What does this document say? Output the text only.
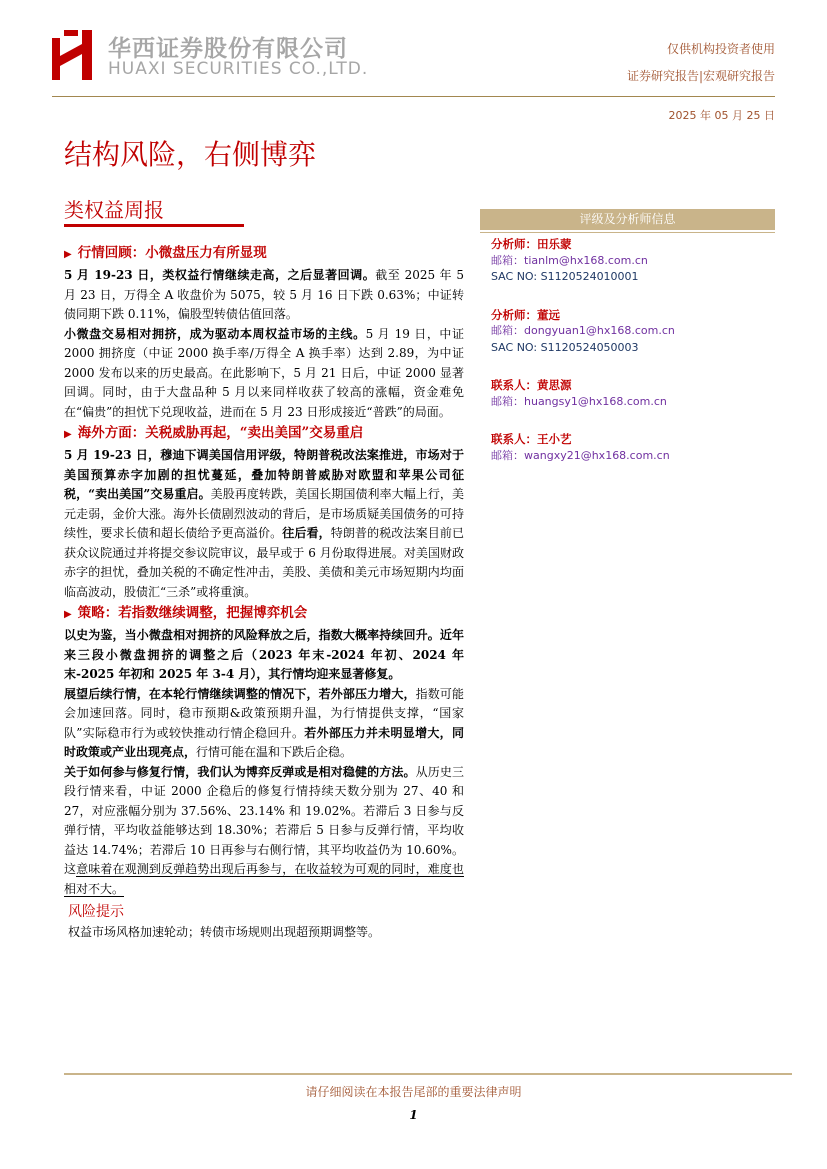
华西证券股份有限公司
HUAXI SECURITIES CO.,LTD.
仅供机构投资者使用
证券研究报告|宏观研究报告
2025 年 05 月 25 日
结构风险，右侧博弈
类权益周报
▶ 行情回顾：小微盘压力有所显现

5 月 19-23 日，类权益行情继续走高，之后显著回调。截至 2025 年 5 月 23 日，万得全 A 收盘价为 5075，较 5 月 16 日下跌 0.63%；中证转债同期下跌 0.11%，偏股型转债估值回落。

小微盘交易相对拥挤，成为驱动本周权益市场的主线。5 月 19 日，中证 2000 拥挤度（中证 2000 换手率/万得全 A 换手率）达到 2.89，为中证 2000 发布以来的历史最高。在此影响下，5 月 21 日后，中证 2000 显著回调。同时，由于大盘品种 5 月以来同样收获了较高的涨幅，资金难免在“偏贵”的担忧下兑现收益，进而在 5 月 23 日形成接近“普跌”的局面。

▶ 海外方面：关税威胁再起，“卖出美国”交易重启

5 月 19-23 日，穆迪下调美国信用评级，特朗普税改法案推进，市场对于美国预算赤字加剧的担忧蔓延，叠加特朗普威胁对欧盟和苹果公司征税，“卖出美国”交易重启。美股再度转跌，美国长期国债利率大幅上行，美元走弱，金价大涨。海外长债剧烈波动的背后，是市场质疑美国债务的可持续性，要求长债和超长债给予更高溢价。往后看，特朗普的税改法案目前已获众议院通过并将提交参议院审议，最早或于 6 月份取得进展。对美国财政赤字的担忧，叠加关税的不确定性冲击，美股、美债和美元市场短期内均面临高波动，股债汇“三杀”或将重演。

▶ 策略：若指数继续调整，把握博弈机会

以史为鉴，当小微盘相对拥挤的风险释放之后，指数大概率持续回升。近年来三段小微盘拥挤的调整之后（2023 年末-2024 年初、2024 年末-2025 年初和 2025 年 3-4 月），其行情均迎来显著修复。

展望后续行情，在本轮行情继续调整的情况下，若外部压力增大，指数可能会加速回落。同时，稳市预期&政策预期升温，为行情提供支撑，“国家队”实际稳市行为或较快推动行情企稳回升。若外部压力并未明显增大，同时政策或产业出现亮点，行情可能在温和下跌后企稳。

关于如何参与修复行情，我们认为博弈反弹或是相对稳健的方法。从历史三段行情来看，中证 2000 企稳后的修复行情持续天数分别为 27、40 和 27，对应涨幅分别为 37.56%、23.14% 和 19.02%。若滞后 3 日参与反弹行情，平均收益能够达到 18.30%；若滞后 5 日参与反弹行情，平均收益达 14.74%；若滞后 10 日再参与右侧行情，其平均收益仍为 10.60%。这意味着在观测到反弹趋势出现后再参与，在收益较为可观的同时，难度也相对不大。

风险提示

权益市场风格加速轮动；转债市场规则出现超预期调整等。

评级及分析师信息
分析师：田乐蒙
邮箱：tianlm@hx168.com.cn
SAC NO: S1120524010001
分析师：董远
邮箱：dongyuan1@hx168.com.cn
SAC NO: S1120524050003
联系人：黄思源
邮箱：huangsy1@hx168.com.cn
联系人：王小艺
邮箱：wangxy21@hx168.com.cn
请仔细阅读在本报告尾部的重要法律声明
1
